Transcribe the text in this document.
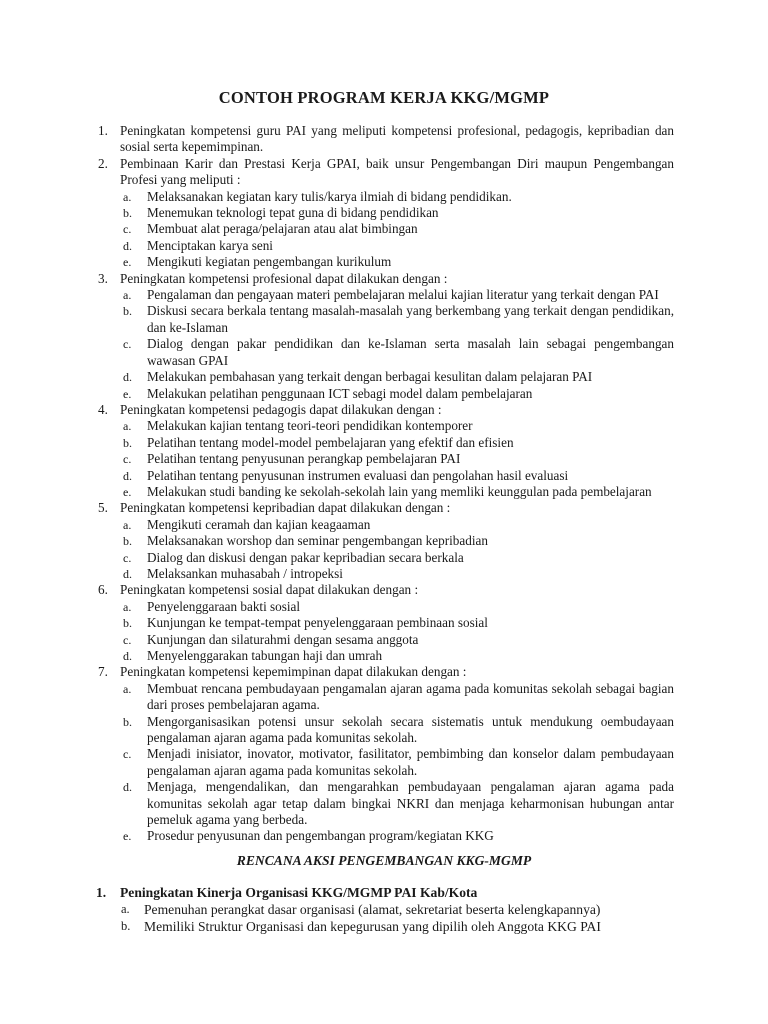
CONTOH PROGRAM KERJA KKG/MGMP
1. Peningkatan kompetensi guru PAI yang meliputi kompetensi profesional, pedagogis, kepribadian dan sosial serta kepemimpinan.
2. Pembinaan Karir dan Prestasi Kerja GPAI, baik unsur Pengembangan Diri maupun Pengembangan Profesi yang meliputi :
a. Melaksanakan kegiatan kary tulis/karya ilmiah di bidang pendidikan.
b. Menemukan teknologi tepat guna di bidang pendidikan
c. Membuat alat peraga/pelajaran atau alat bimbingan
d. Menciptakan karya seni
e. Mengikuti kegiatan pengembangan kurikulum
3. Peningkatan kompetensi profesional dapat dilakukan dengan :
a. Pengalaman dan pengayaan materi pembelajaran melalui kajian literatur yang terkait dengan PAI
b. Diskusi secara berkala tentang masalah-masalah yang berkembang yang terkait dengan pendidikan, dan ke-Islaman
c. Dialog dengan pakar pendidikan dan ke-Islaman serta masalah lain sebagai pengembangan wawasan GPAI
d. Melakukan pembahasan yang terkait dengan berbagai kesulitan dalam pelajaran PAI
e. Melakukan pelatihan penggunaan ICT sebagi model dalam pembelajaran
4. Peningkatan kompetensi pedagogis dapat dilakukan dengan :
a. Melakukan kajian tentang teori-teori pendidikan kontemporer
b. Pelatihan tentang model-model pembelajaran yang efektif dan efisien
c. Pelatihan tentang penyusunan perangkap pembelajaran PAI
d. Pelatihan tentang penyusunan instrumen evaluasi dan pengolahan hasil evaluasi
e. Melakukan studi banding ke sekolah-sekolah lain yang memliki keunggulan pada pembelajaran
5. Peningkatan kompetensi kepribadian dapat dilakukan dengan :
a. Mengikuti ceramah dan kajian keagaaman
b. Melaksanakan worshop dan seminar pengembangan kepribadian
c. Dialog dan diskusi dengan pakar kepribadian secara berkala
d. Melaksankan muhasabah / intropeksi
6. Peningkatan kompetensi sosial dapat dilakukan dengan :
a. Penyelenggaraan bakti sosial
b. Kunjungan ke tempat-tempat penyelenggaraan pembinaan sosial
c. Kunjungan dan silaturahmi dengan sesama anggota
d. Menyelenggarakan tabungan haji dan umrah
7. Peningkatan kompetensi kepemimpinan dapat dilakukan dengan :
a. Membuat rencana pembudayaan pengamalan ajaran agama pada komunitas sekolah sebagai bagian dari proses pembelajaran agama.
b. Mengorganisasikan potensi unsur sekolah secara sistematis untuk mendukung oembudayaan pengalaman ajaran agama pada komunitas sekolah.
c. Menjadi inisiator, inovator, motivator, fasilitator, pembimbing dan konselor dalam pembudayaan pengalaman ajaran agama pada komunitas sekolah.
d. Menjaga, mengendalikan, dan mengarahkan pembudayaan pengalaman ajaran agama pada komunitas sekolah agar tetap dalam bingkai NKRI dan menjaga keharmonisan hubungan antar pemeluk agama yang berbeda.
e. Prosedur penyusunan dan pengembangan program/kegiatan KKG
RENCANA AKSI PENGEMBANGAN KKG-MGMP
1. Peningkatan Kinerja Organisasi KKG/MGMP PAI Kab/Kota
a. Pemenuhan perangkat dasar organisasi (alamat, sekretariat beserta kelengkapannya)
b. Memiliki Struktur Organisasi dan kepegurusan yang dipilih oleh Anggota KKG PAI
